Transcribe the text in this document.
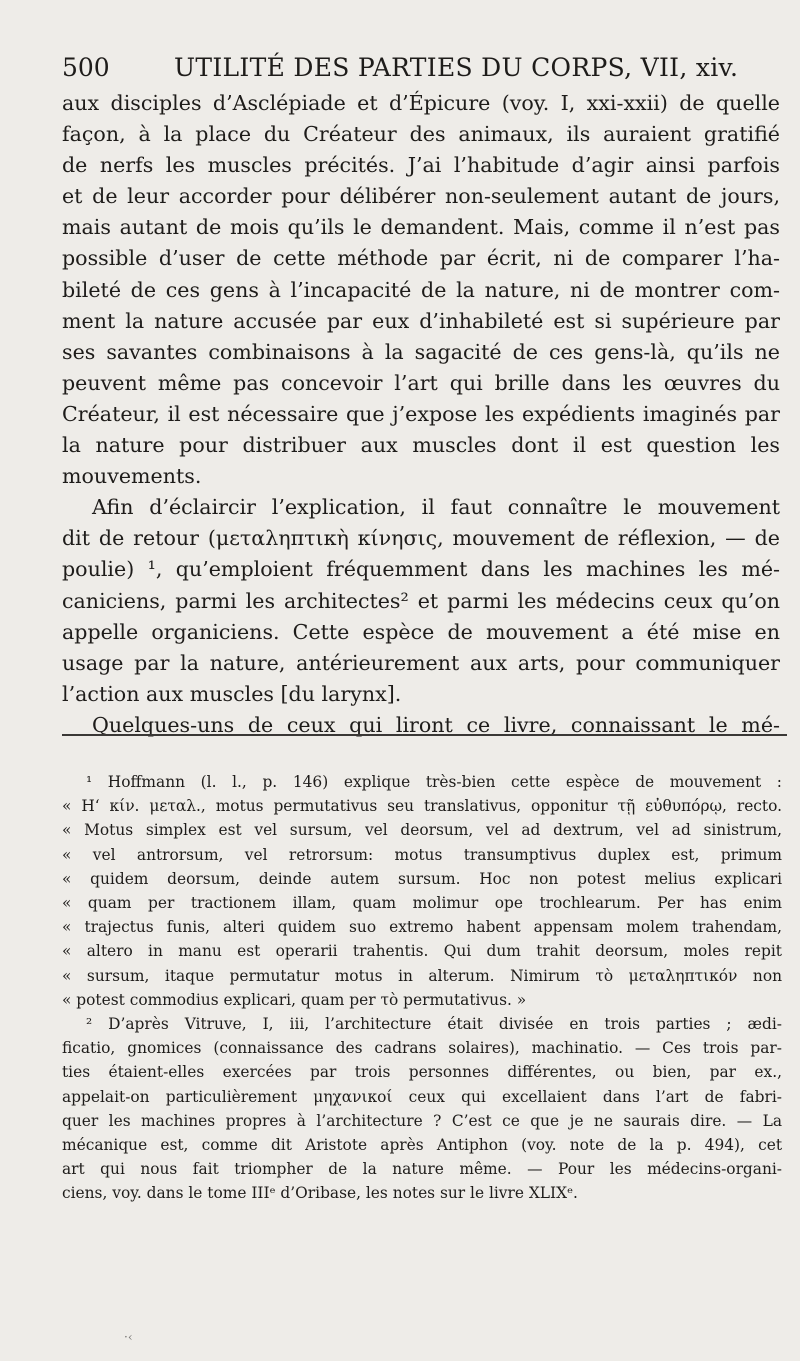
500	UTILITÉ DES PARTIES DU CORPS, VII, xiv.
aux disciples d’Asclépiade et d’Épicure (voy. I, xxi-xxii) de quelle
façon, à la place du Créateur des animaux, ils auraient gratifié
de nerfs les muscles précités. J’ai l’habitude d’agir ainsi parfois
et de leur accorder pour délibérer non-seulement autant de jours,
mais autant de mois qu’ils le demandent. Mais, comme il n’est pas
possible d’user de cette méthode par écrit, ni de comparer l’ha-
bileté de ces gens à l’incapacité de la nature, ni de montrer com-
ment la nature accusée par eux d’inhabileté est si supérieure par
ses savantes combinaisons à la sagacité de ces gens-là, qu’ils ne
peuvent même pas concevoir l’art qui brille dans les œuvres du
Créateur, il est nécessaire que j’expose les expédients imaginés par
la nature pour distribuer aux muscles dont il est question les
mouvements.
Afin d’éclaircir l’explication, il faut connaître le mouvement
dit de retour (μεταληπτικὴ κίνησις, mouvement de réflexion, — de
poulie) ¹, qu’emploient fréquemment dans les machines les mé-
caniciens, parmi les architectes² et parmi les médecins ceux qu’on
appelle organiciens. Cette espèce de mouvement a été mise en
usage par la nature, antérieurement aux arts, pour communiquer
l’action aux muscles [du larynx].
Quelques-uns de ceux qui liront ce livre, connaissant le mé-
¹ Hoffmann (l. l., p. 146) explique très-bien cette espèce de mouvement :
« Hʻ κίν. μεταλ., motus permutativus seu translativus, opponitur τῇ εὐθυπόρῳ, recto.
« Motus simplex est vel sursum, vel deorsum, vel ad dextrum, vel ad sinistrum,
« vel antrorsum, vel retrorsum: motus transumptivus duplex est, primum
« quidem deorsum, deinde autem sursum. Hoc non potest melius explicari
« quam per tractionem illam, quam molimur ope trochlearum. Per has enim
« trajectus funis, alteri quidem suo extremo habent appensam molem trahendam,
« altero in manu est operarii trahentis. Qui dum trahit deorsum, moles repit
« sursum, itaque permutatur motus in alterum. Nimirum τὸ μεταληπτικόν non
« potest commodius explicari, quam per τὸ permutativus. »
² D’après Vitruve, I, iii, l’architecture était divisée en trois parties ; ædi-
ficatio, gnomices (connaissance des cadrans solaires), machinatio. — Ces trois par-
ties étaient-elles exercées par trois personnes différentes, ou bien, par ex.,
appelait-on particulièrement μηχανικοί ceux qui excellaient dans l’art de fabri-
quer les machines propres à l’architecture ? C’est ce que je ne saurais dire. — La
mécanique est, comme dit Aristote après Antiphon (voy. note de la p. 494), cet
art qui nous fait triompher de la nature même. — Pour les médecins-organi-
ciens, voy. dans le tome IIIᵉ d’Oribase, les notes sur le livre XLIXᵉ.
·‹
